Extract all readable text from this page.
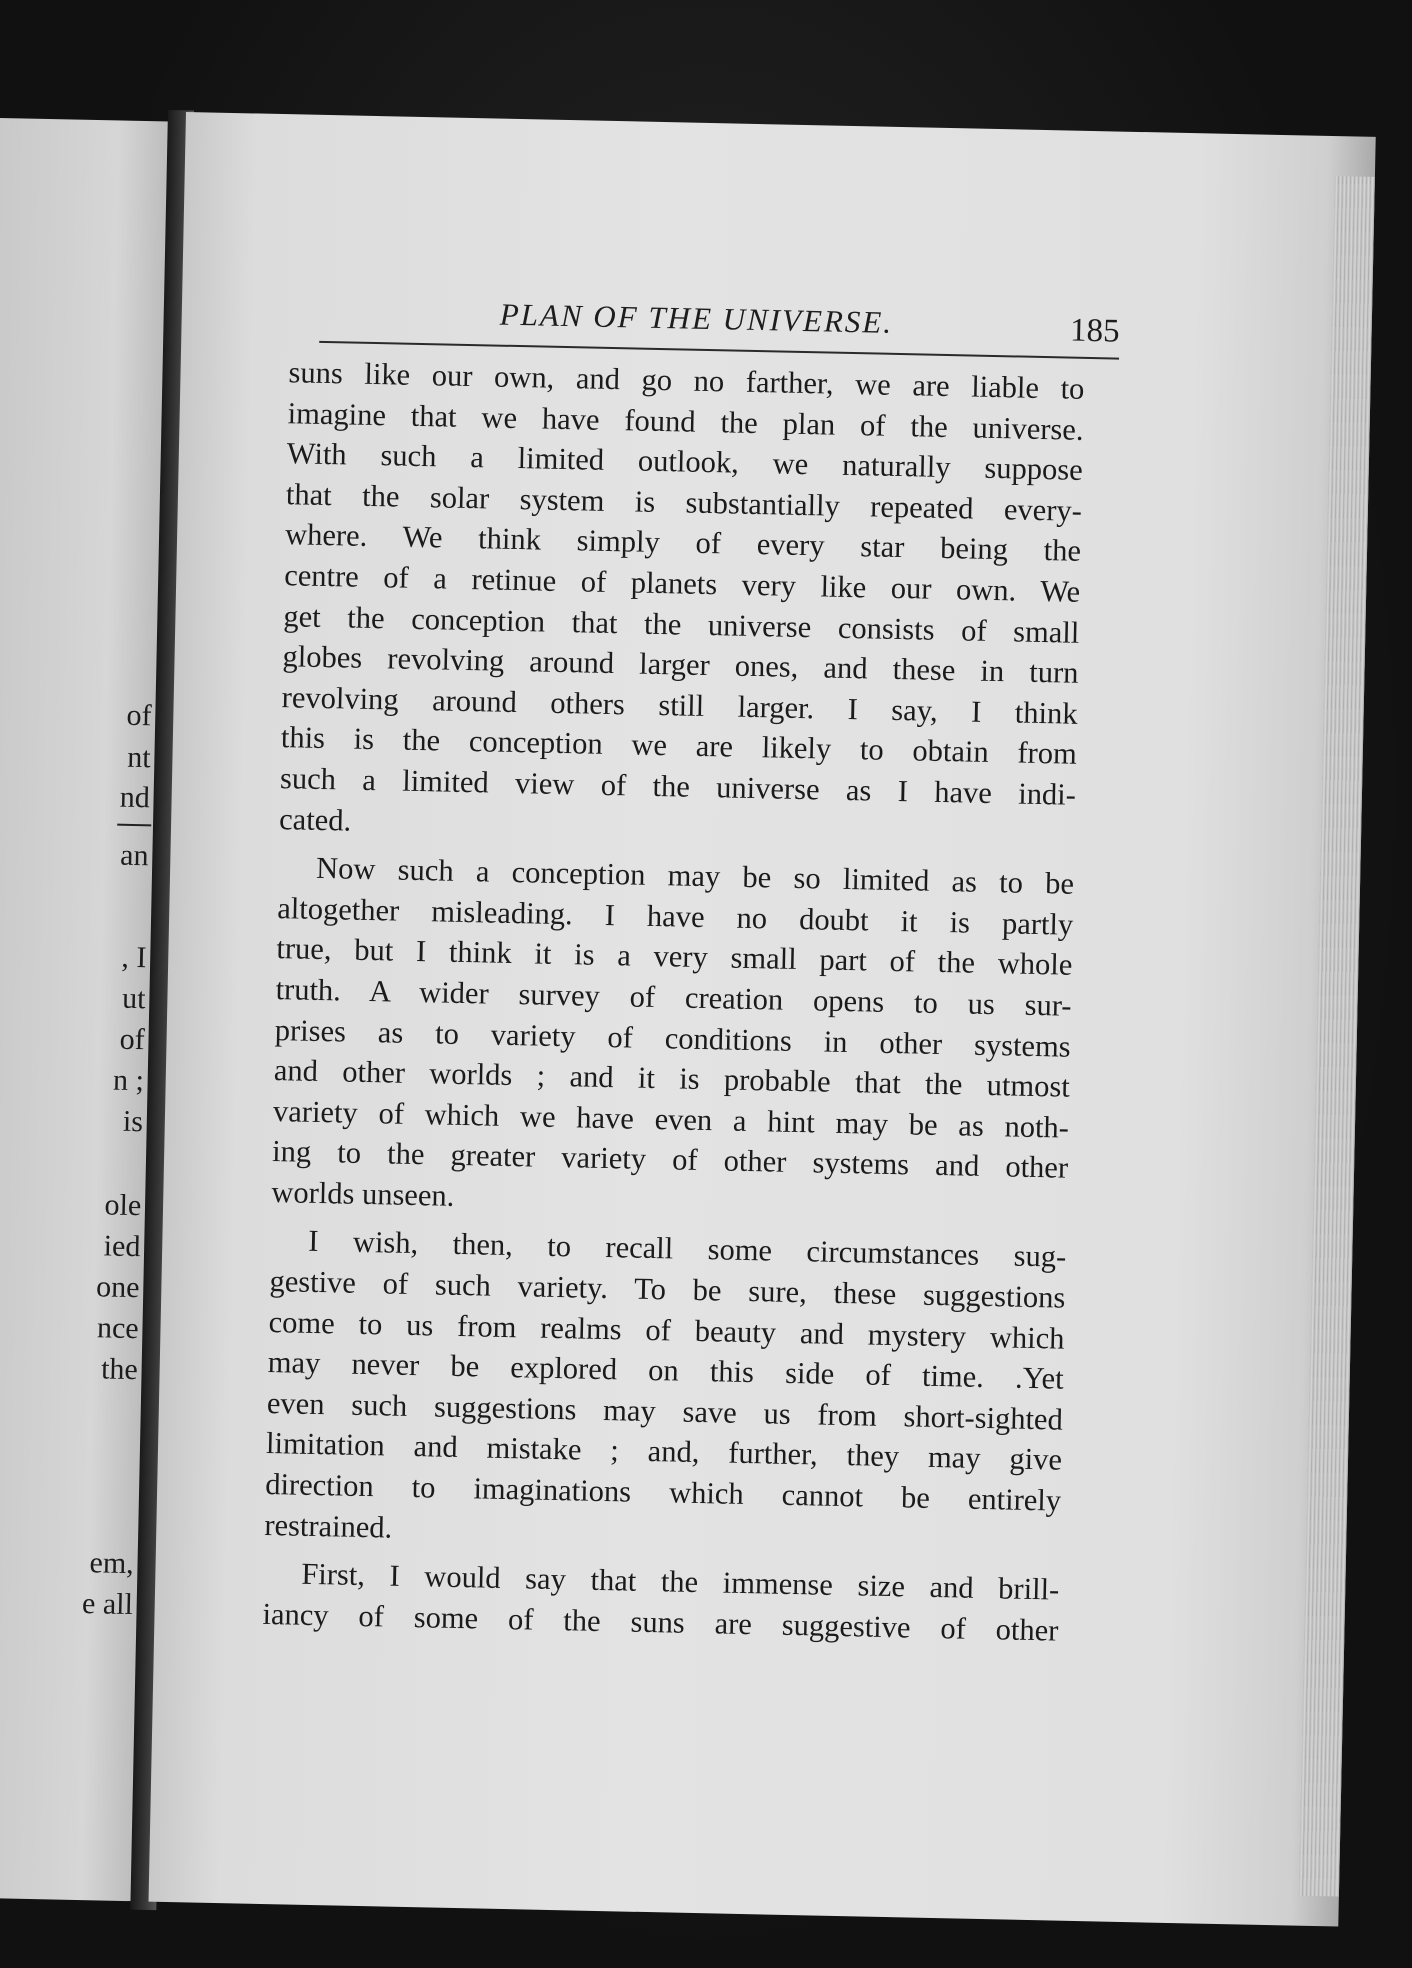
of
nt
nd
an
, I
ut
of
n ;
is
ole
ied
one
nce
the
em,
e all
PLAN OF THE UNIVERSE.	185
suns like our own, and go no farther, we are liable to
imagine that we have found the plan of the universe.
With such a limited outlook, we naturally suppose
that the solar system is substantially repeated every-
where. We think simply of every star being the
centre of a retinue of planets very like our own. We
get the conception that the universe consists of small
globes revolving around larger ones, and these in turn
revolving around others still larger. I say, I think
this is the conception we are likely to obtain from
such a limited view of the universe as I have indi-
cated.
Now such a conception may be so limited as to be
altogether misleading. I have no doubt it is partly
true, but I think it is a very small part of the whole
truth. A wider survey of creation opens to us sur-
prises as to variety of conditions in other systems
and other worlds ; and it is probable that the utmost
variety of which we have even a hint may be as noth-
ing to the greater variety of other systems and other
worlds unseen.
I wish, then, to recall some circumstances sug-
gestive of such variety. To be sure, these suggestions
come to us from realms of beauty and mystery which
may never be explored on this side of time. .Yet
even such suggestions may save us from short-sighted
limitation and mistake ; and, further, they may give
direction to imaginations which cannot be entirely
restrained.
First, I would say that the immense size and brill-
iancy of some of the suns are suggestive of other
